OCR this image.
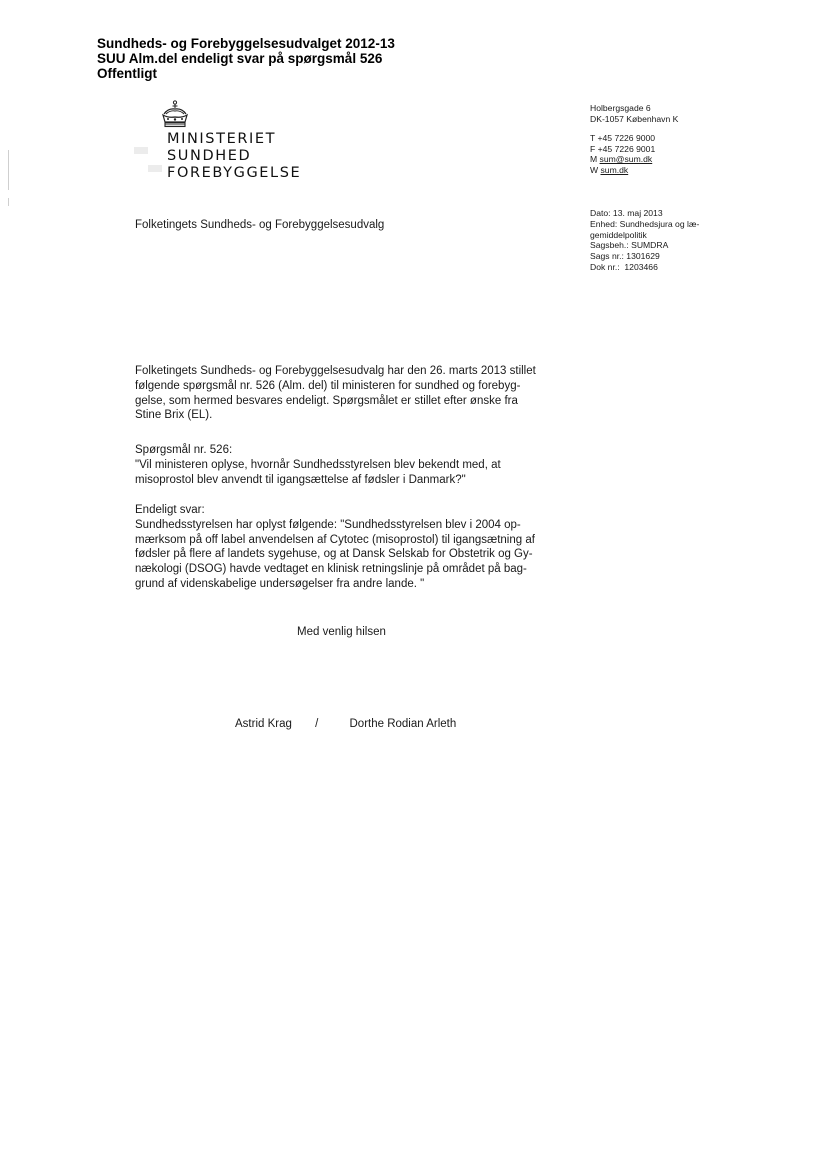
Sundheds- og Forebyggelsesudvalget 2012-13
SUU Alm.del endeligt svar på spørgsmål 526
Offentligt
MINISTERIET
SUNDHED
FOREBYGGELSE
Folketingets Sundheds- og Forebyggelsesudvalg
Holbergsgade 6
DK-1057 København K
T +45 7226 9000
F +45 7226 9001
M sum@sum.dk
W sum.dk
Dato: 13. maj 2013
Enhed: Sundhedsjura og læ-
gemiddelpolitik
Sagsbeh.: SUMDRA
Sags nr.: 1301629
Dok nr.:  1203466
Folketingets Sundheds- og Forebyggelsesudvalg har den 26. marts 2013 stillet
følgende spørgsmål nr. 526 (Alm. del) til ministeren for sundhed og forebyg-
gelse, som hermed besvares endeligt. Spørgsmålet er stillet efter ønske fra
Stine Brix (EL).
Spørgsmål nr. 526:
"Vil ministeren oplyse, hvornår Sundhedsstyrelsen blev bekendt med, at
misoprostol blev anvendt til igangsættelse af fødsler i Danmark?"
Endeligt svar:
Sundhedsstyrelsen har oplyst følgende: "Sundhedsstyrelsen blev i 2004 op-
mærksom på off label anvendelsen af Cytotec (misoprostol) til igangsætning af
fødsler på flere af landets sygehuse, og at Dansk Selskab for Obstetrik og Gy-
nækologi (DSOG) havde vedtaget en klinisk retningslinje på området på bag-
grund af videnskabelige undersøgelser fra andre lande. "
Med venlig hilsen
Astrid Krag /	Dorthe Rodian Arleth
